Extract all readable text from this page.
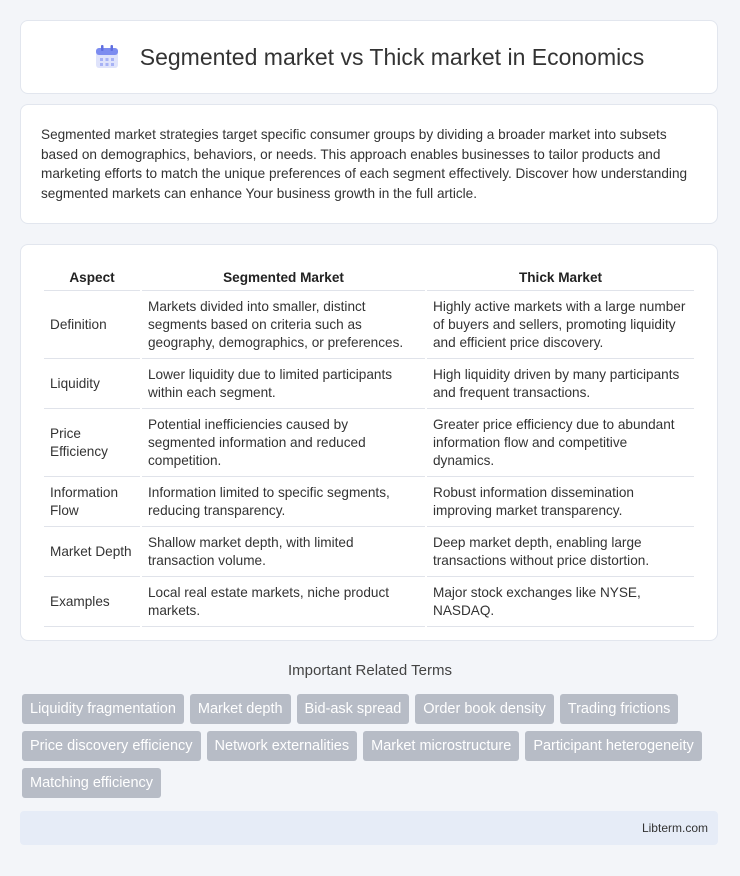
Segmented market vs Thick market in Economics

Segmented market strategies target specific consumer groups by dividing a broader market into subsets based on demographics, behaviors, or needs. This approach enables businesses to tailor products and marketing efforts to match the unique preferences of each segment effectively. Discover how understanding segmented markets can enhance Your business growth in the full article.

Aspect	Segmented Market	Thick Market
Definition	Markets divided into smaller, distinct segments based on criteria such as geography, demographics, or preferences.	Highly active markets with a large number of buyers and sellers, promoting liquidity and efficient price discovery.
Liquidity	Lower liquidity due to limited participants within each segment.	High liquidity driven by many participants and frequent transactions.
Price Efficiency	Potential inefficiencies caused by segmented information and reduced competition.	Greater price efficiency due to abundant information flow and competitive dynamics.
Information Flow	Information limited to specific segments, reducing transparency.	Robust information dissemination improving market transparency.
Market Depth	Shallow market depth, with limited transaction volume.	Deep market depth, enabling large transactions without price distortion.
Examples	Local real estate markets, niche product markets.	Major stock exchanges like NYSE, NASDAQ.
Important Related Terms
Liquidity fragmentation	Market depth	Bid-ask spread	Order book density	Trading frictions
Price discovery efficiency	Network externalities	Market microstructure	Participant heterogeneity
Matching efficiency
Libterm.com
